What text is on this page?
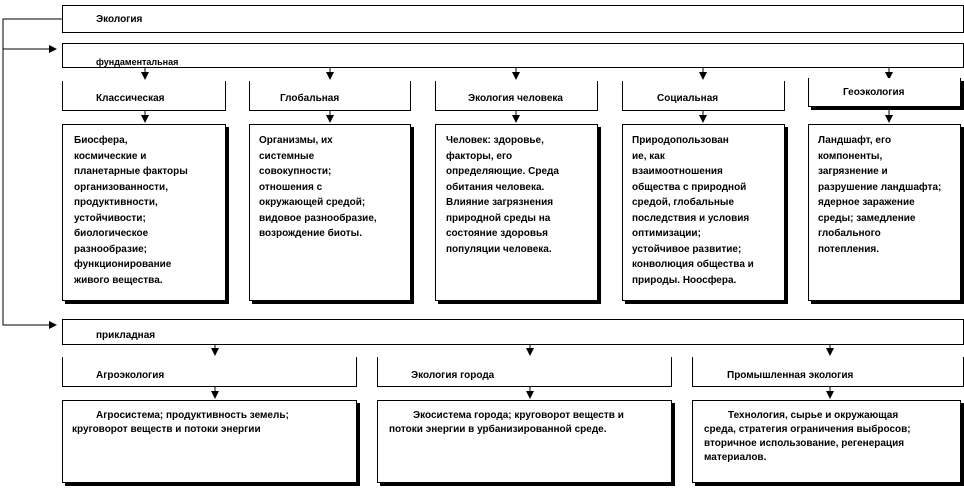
Экология
фундаментальная
Классическая	Глобальная	Экология человека	Социальная
Геоэкология
Биосфера,
космические и
планетарные факторы
организованности,
продуктивности,
устойчивости;
биологическое
разнообразие;
функционирование
живого вещества.
Организмы, их
системные
совокупности;
отношения с
окружающей средой;
видовое разнообразие,
возрождение биоты.
Человек: здоровье,
факторы, его
определяющие. Среда
обитания человека.
Влияние загрязнения
природной среды на
состояние здоровья
популяции человека.
Природопользован
ие, как
взаимоотношения
общества с природной
средой, глобальные
последствия и условия
оптимизации;
устойчивое развитие;
конволюция общества и
природы. Ноосфера.
Ландшафт, его
компоненты,
загрязнение и
разрушение ландшафта;
ядерное заражение
среды; замедление
глобального
потепления.
прикладная
Агроэкология	Экология города	Промышленная экология
Агросистема; продуктивность земель;
круговорот веществ и потоки энергии
Экосистема города; круговорот веществ и
потоки энергии в урбанизированной среде.
Технология, сырье и окружающая
среда, стратегия ограничения выбросов;
вторичное использование, регенерация
материалов.
